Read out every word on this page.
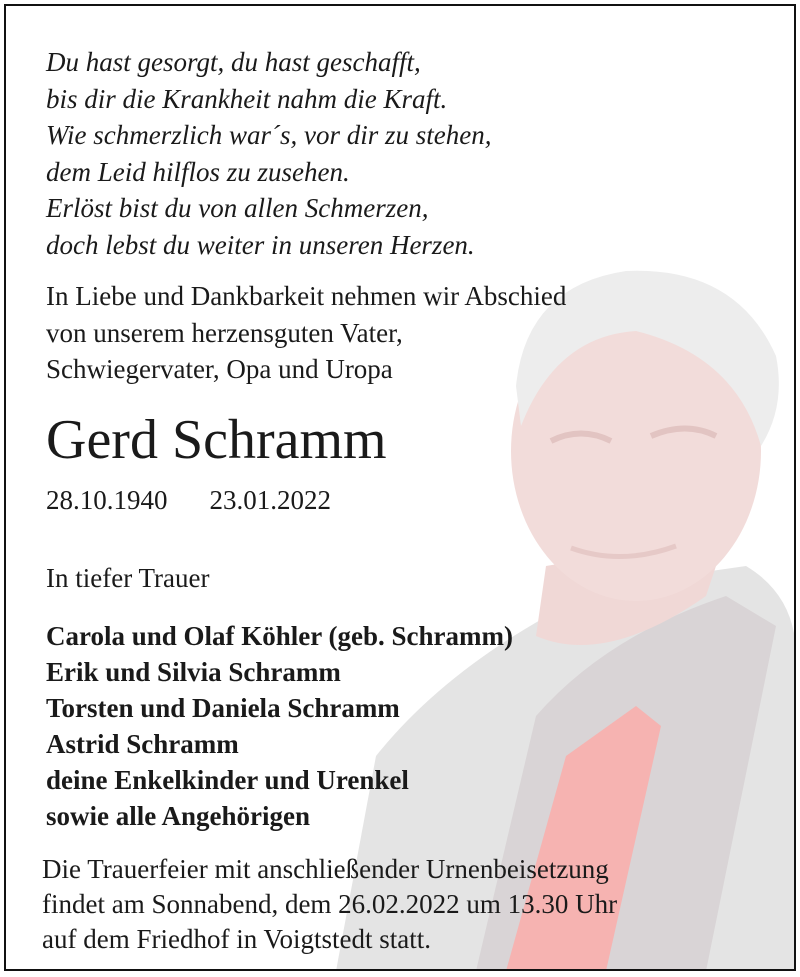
Du hast gesorgt, du hast geschafft,
bis dir die Krankheit nahm die Kraft.
Wie schmerzlich war´s, vor dir zu stehen,
dem Leid hilflos zu zusehen.
Erlöst bist du von allen Schmerzen,
doch lebst du weiter in unseren Herzen.
In Liebe und Dankbarkeit nehmen wir Abschied
von unserem herzensguten Vater,
Schwiegervater, Opa und Uropa
Gerd Schramm
28.10.1940 23.01.2022
In tiefer Trauer
Carola und Olaf Köhler (geb. Schramm)
Erik und Silvia Schramm
Torsten und Daniela Schramm
Astrid Schramm
deine Enkelkinder und Urenkel
sowie alle Angehörigen
Die Trauerfeier mit anschließender Urnenbeisetzung
findet am Sonnabend, dem 26.02.2022 um 13.30 Uhr
auf dem Friedhof in Voigtstedt statt.
